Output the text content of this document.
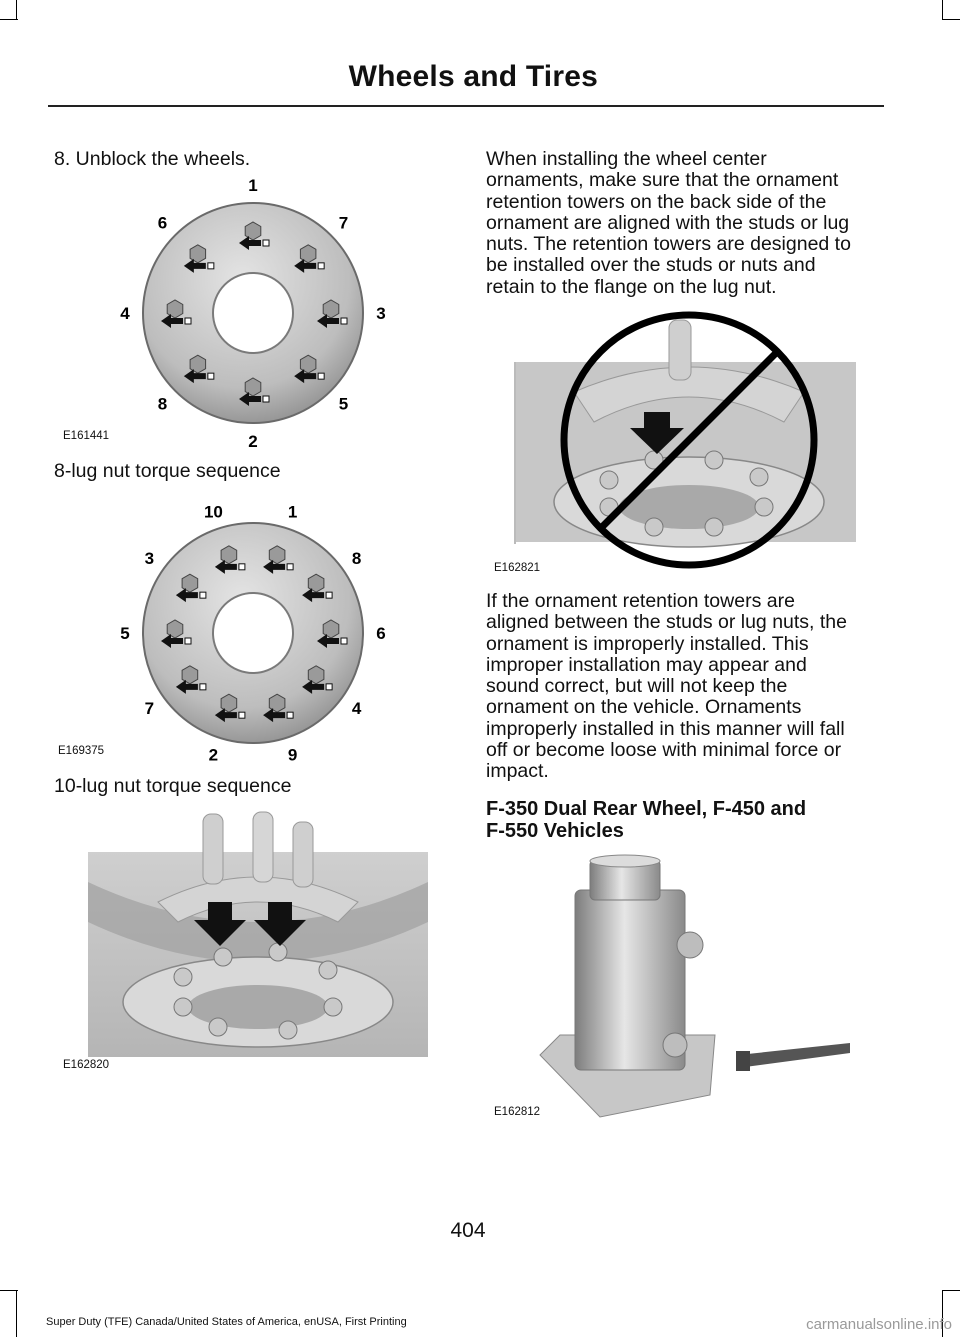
Wheels and Tires
8. Unblock the wheels.
1
7
3
5
2
8
4
6
E161441
8-lug nut torque sequence
1
8
6
4
9
2
7
5
3
10
E169375
10-lug nut torque sequence
E162820
When installing the wheel center
ornaments, make sure that the ornament
retention towers on the back side of the
ornament are aligned with the studs or lug
nuts. The retention towers are designed to
be installed over the studs or nuts and
retain to the flange on the lug nut.
E162821
If the ornament retention towers are
aligned between the studs or lug nuts, the
ornament is improperly installed. This
improper installation may appear and
sound correct, but will not keep the
ornament on the vehicle. Ornaments
improperly installed in this manner will fall
off or become loose with minimal force or
impact.
F-350 Dual Rear Wheel, F-450 and
F-550 Vehicles
E162812
404
Super Duty (TFE) Canada/United States of America, enUSA, First Printing	carmanualsonline.info
